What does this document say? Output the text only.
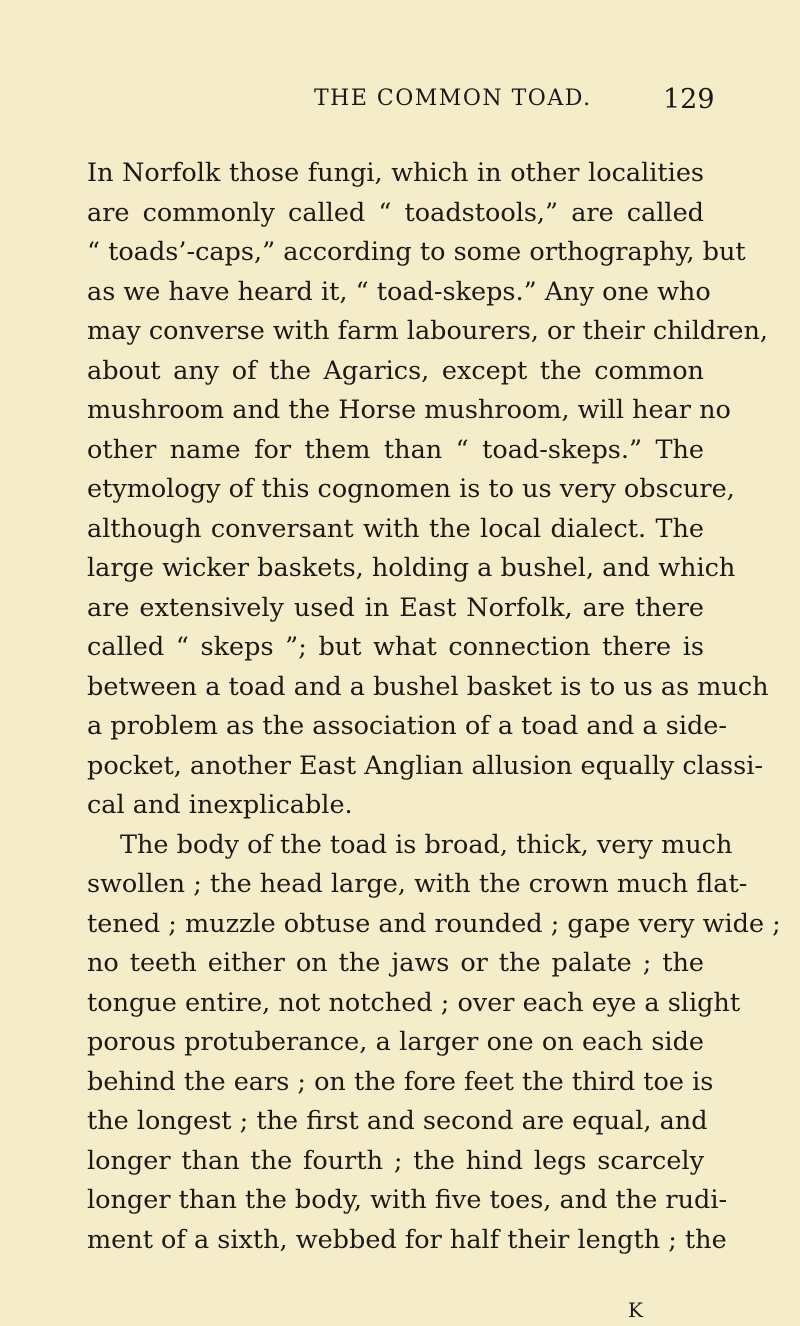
THE COMMON TOAD.	129
In Norfolk those fungi, which in other localities
are commonly called “ toadstools,” are called
“ toads’-caps,” according to some orthography, but
as we have heard it, “ toad-skeps.” Any one who
may converse with farm labourers, or their children,
about any of the Agarics, except the common
mushroom and the Horse mushroom, will hear no
other name for them than “ toad-skeps.” The
etymology of this cognomen is to us very obscure,
although conversant with the local dialect. The
large wicker baskets, holding a bushel, and which
are extensively used in East Norfolk, are there
called “ skeps ”; but what connection there is
between a toad and a bushel basket is to us as much
a problem as the association of a toad and a side-
pocket, another East Anglian allusion equally classi-
cal and inexplicable.
The body of the toad is broad, thick, very much
swollen ; the head large, with the crown much flat-
tened ; muzzle obtuse and rounded ; gape very wide ;
no teeth either on the jaws or the palate ; the
tongue entire, not notched ; over each eye a slight
porous protuberance, a larger one on each side
behind the ears ; on the fore feet the third toe is
the longest ; the first and second are equal, and
longer than the fourth ; the hind legs scarcely
longer than the body, with five toes, and the rudi-
ment of a sixth, webbed for half their length ; the
K
